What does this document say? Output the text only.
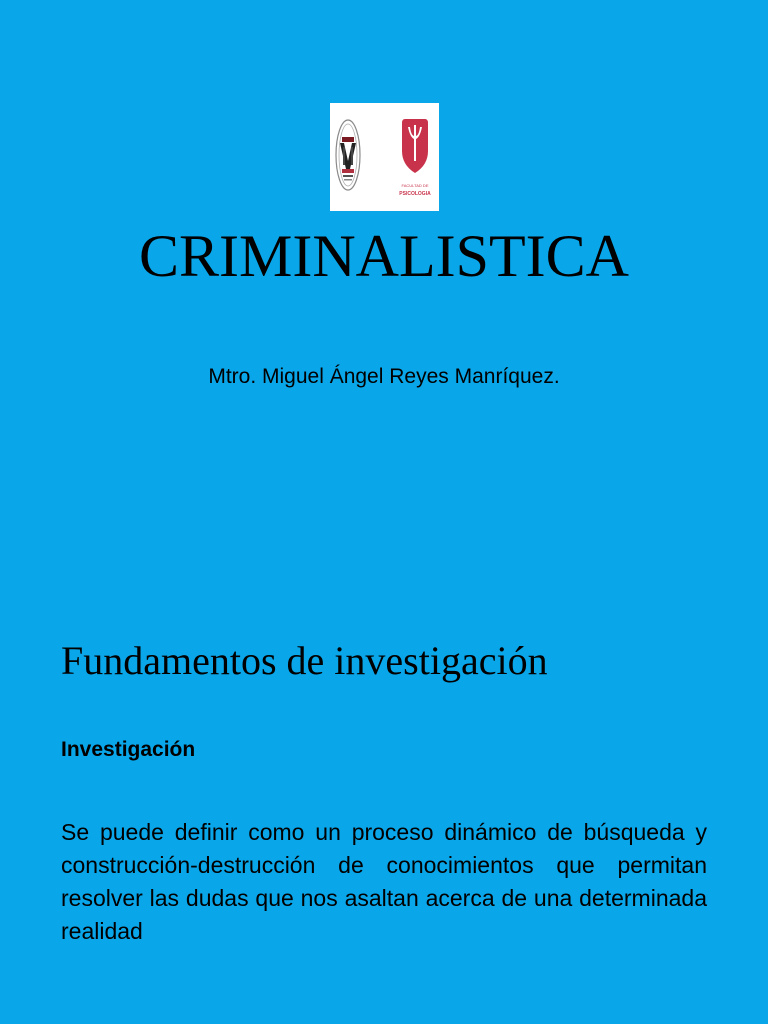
FACULTAD DE
PSICOLOGIA
CRIMINALISTICA
Mtro. Miguel Ángel Reyes Manríquez.
Fundamentos de investigación
Investigación

Se puede definir como un proceso dinámico de búsqueda y construcción-destrucción de conocimientos que permitan resolver las dudas que nos asaltan acerca de una determinada realidad
